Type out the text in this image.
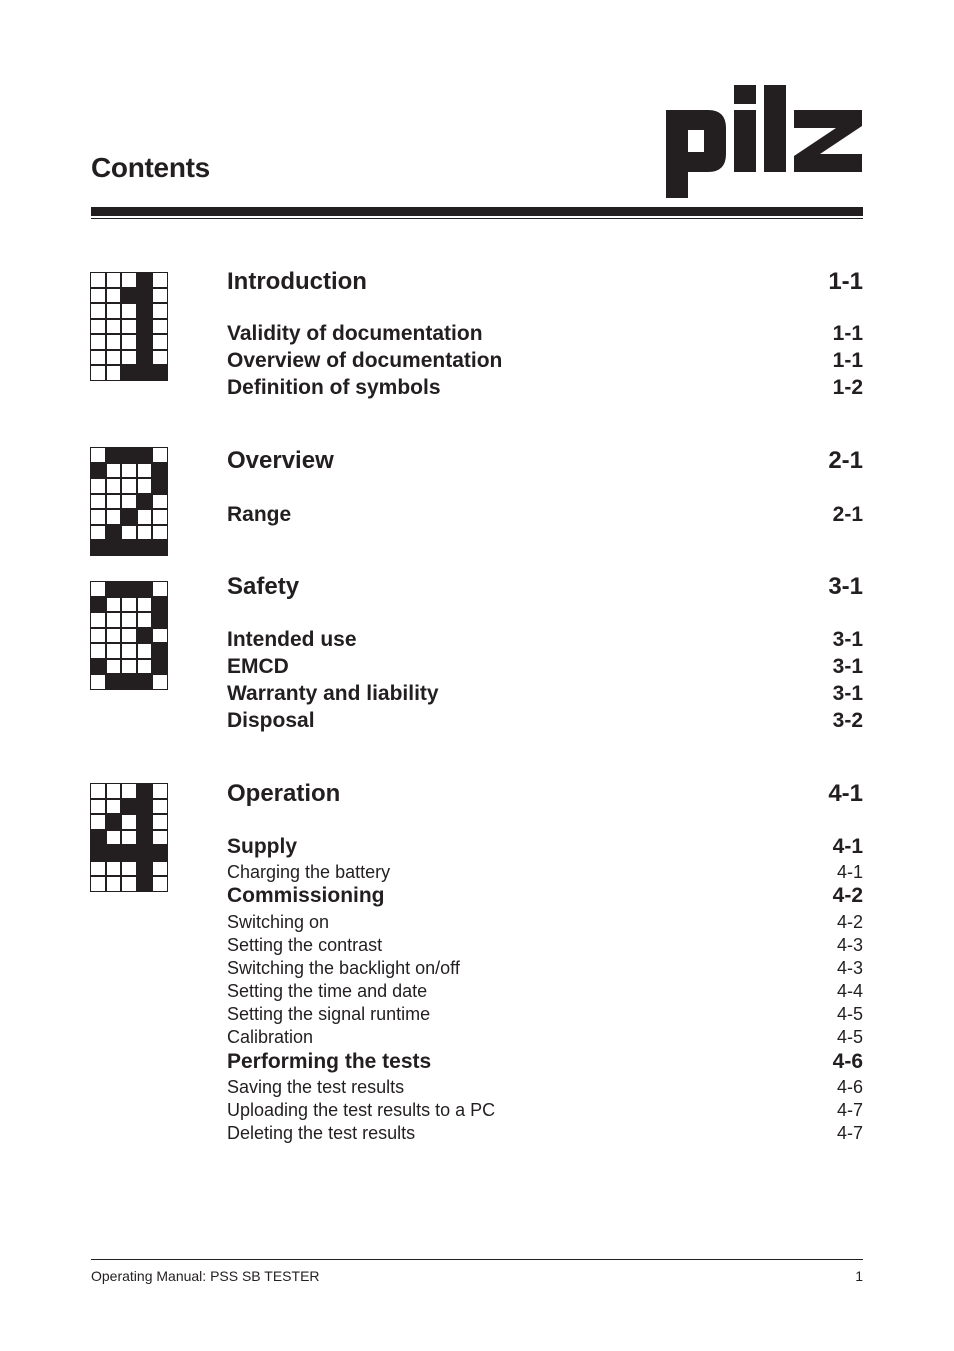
Contents
Introduction	1-1
Validity of documentation	1-1
Overview of documentation	1-1
Definition of symbols	1-2
Overview	2-1
Range	2-1
Safety	3-1
Intended use	3-1
EMCD	3-1
Warranty and liability	3-1
Disposal	3-2
Operation	4-1
Supply	4-1
Charging the battery	4-1
Commissioning	4-2
Switching on	4-2
Setting the contrast	4-3
Switching the backlight on/off	4-3
Setting the time and date	4-4
Setting the signal runtime	4-5
Calibration	4-5
Performing the tests	4-6
Saving the test results	4-6
Uploading the test results to a PC	4-7
Deleting the test results	4-7
Operating Manual: PSS SB TESTER	1
